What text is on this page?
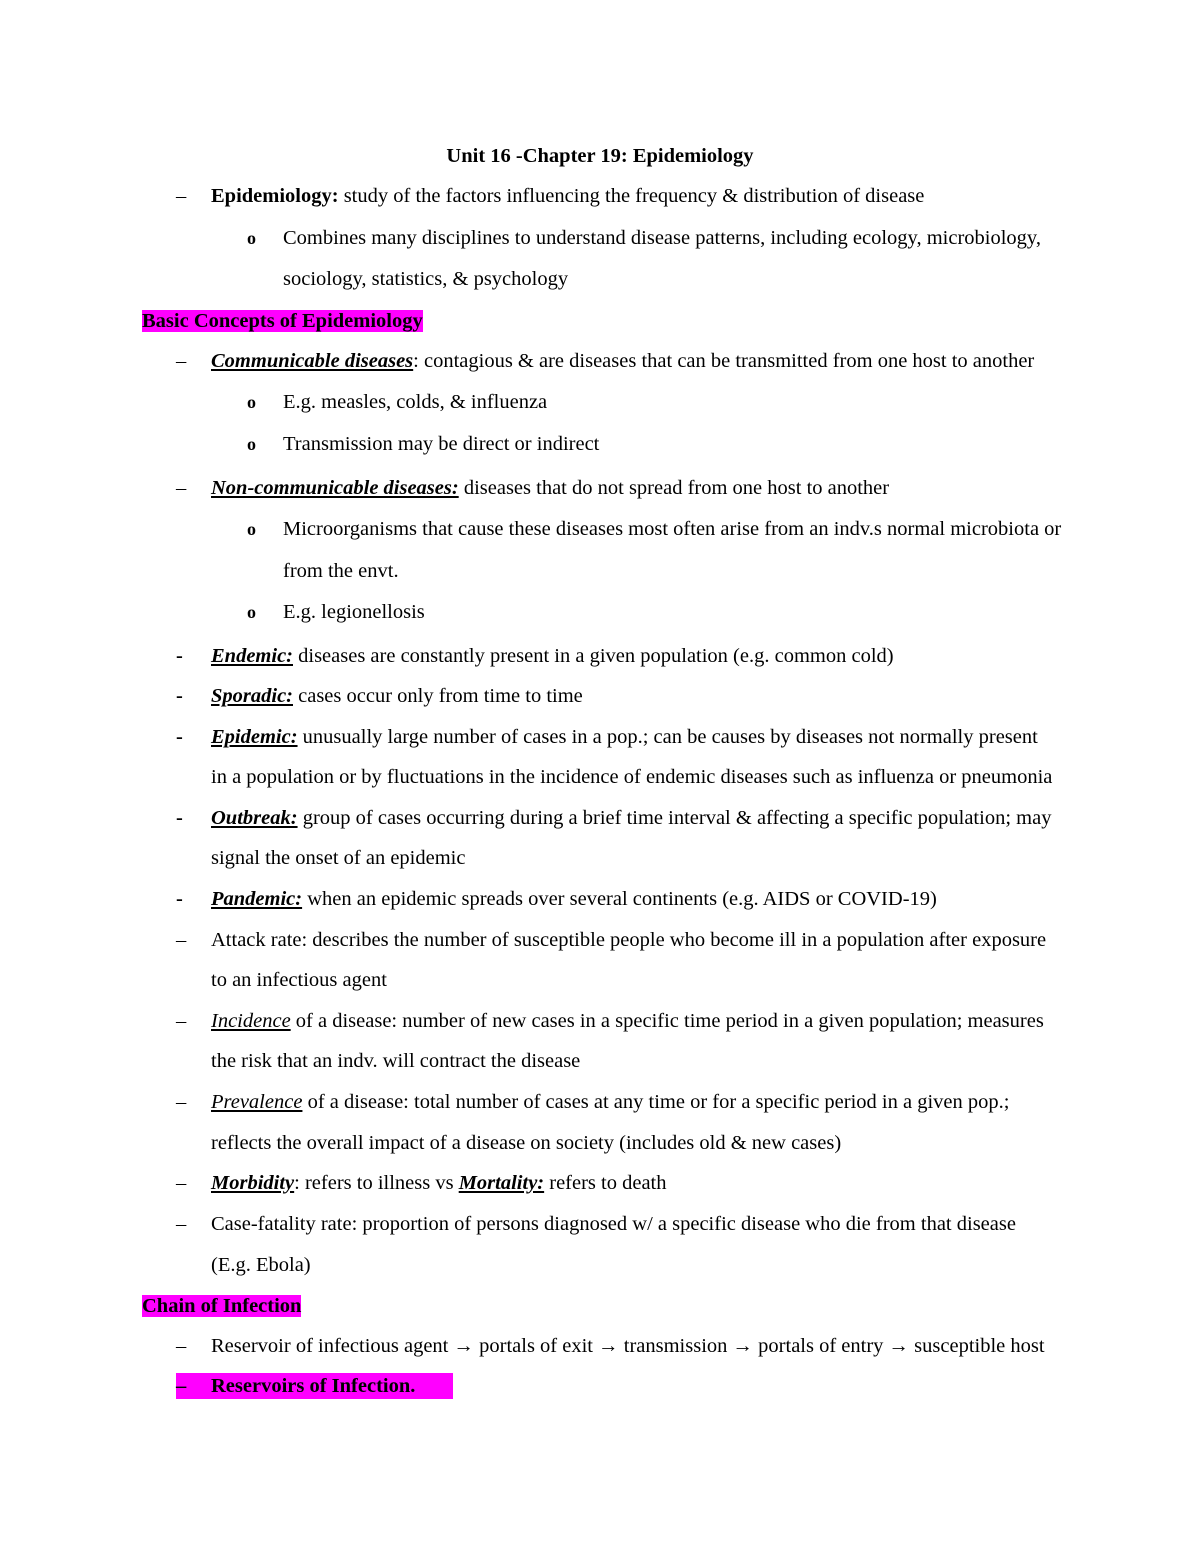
Unit 16 -Chapter 19: Epidemiology
– Epidemiology: study of the factors influencing the frequency & distribution of disease
o Combines many disciplines to understand disease patterns, including ecology, microbiology,
sociology, statistics, & psychology
Basic Concepts of Epidemiology
– Communicable diseases: contagious & are diseases that can be transmitted from one host to another
o E.g. measles, colds, & influenza
o Transmission may be direct or indirect
– Non-communicable diseases: diseases that do not spread from one host to another
o Microorganisms that cause these diseases most often arise from an indv.s normal microbiota or
from the envt.
o E.g. legionellosis
- Endemic: diseases are constantly present in a given population (e.g. common cold)
- Sporadic: cases occur only from time to time
- Epidemic: unusually large number of cases in a pop.; can be causes by diseases not normally present
in a population or by fluctuations in the incidence of endemic diseases such as influenza or pneumonia
- Outbreak: group of cases occurring during a brief time interval & affecting a specific population; may
signal the onset of an epidemic
- Pandemic: when an epidemic spreads over several continents (e.g. AIDS or COVID-19)
– Attack rate: describes the number of susceptible people who become ill in a population after exposure
to an infectious agent
– Incidence of a disease: number of new cases in a specific time period in a given population; measures
the risk that an indv. will contract the disease
– Prevalence of a disease: total number of cases at any time or for a specific period in a given pop.;
reflects the overall impact of a disease on society (includes old & new cases)
– Morbidity: refers to illness vs Mortality: refers to death
– Case-fatality rate: proportion of persons diagnosed w/ a specific disease who die from that disease
(E.g. Ebola)
Chain of Infection
– Reservoir of infectious agent → portals of exit → transmission → portals of entry → susceptible host
– Reservoirs of Infection.
